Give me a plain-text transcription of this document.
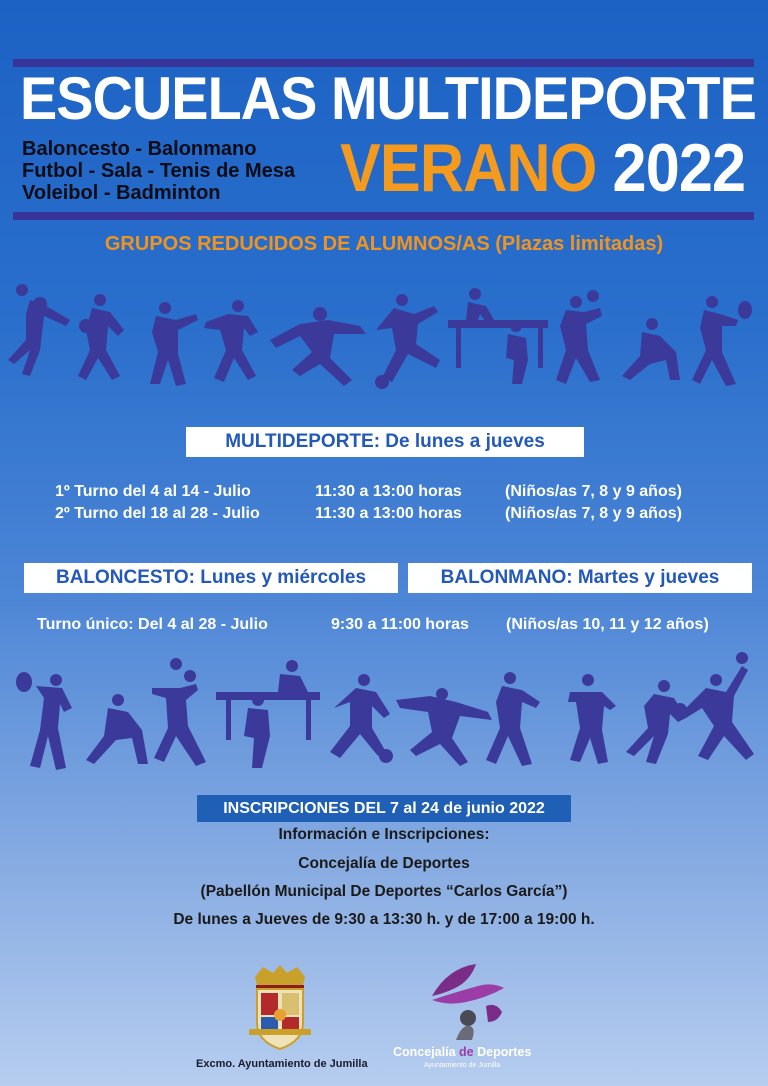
ESCUELAS MULTIDEPORTE
Baloncesto - Balonmano
Futbol - Sala - Tenis de Mesa
Voleibol - Badminton	VERANO 2022
GRUPOS REDUCIDOS DE ALUMNOS/AS (Plazas limitadas)
MULTIDEPORTE: De lunes a jueves
1º Turno del 4 al 14 - Julio	11:30 a 13:00 horas	(Niños/as 7, 8 y 9 años)
2º Turno del 18 al 28 - Julio	11:30 a 13:00 horas	(Niños/as 7, 8 y 9 años)
BALONCESTO: Lunes y miércoles	BALONMANO: Martes y jueves
Turno único: Del 4 al 28 - Julio	9:30 a 11:00 horas (Niños/as 10, 11 y 12 años)
INSCRIPCIONES DEL 7 al 24 de junio 2022
Información e Inscripciones:
Concejalía de Deportes
(Pabellón Municipal De Deportes “Carlos García”)
De lunes a Jueves de 9:30 a 13:30 h. y de 17:00 a 19:00 h.
Excmo. Ayuntamiento de Jumilla
Concejalía de Deportes
Ayuntamiento de Jumilla
